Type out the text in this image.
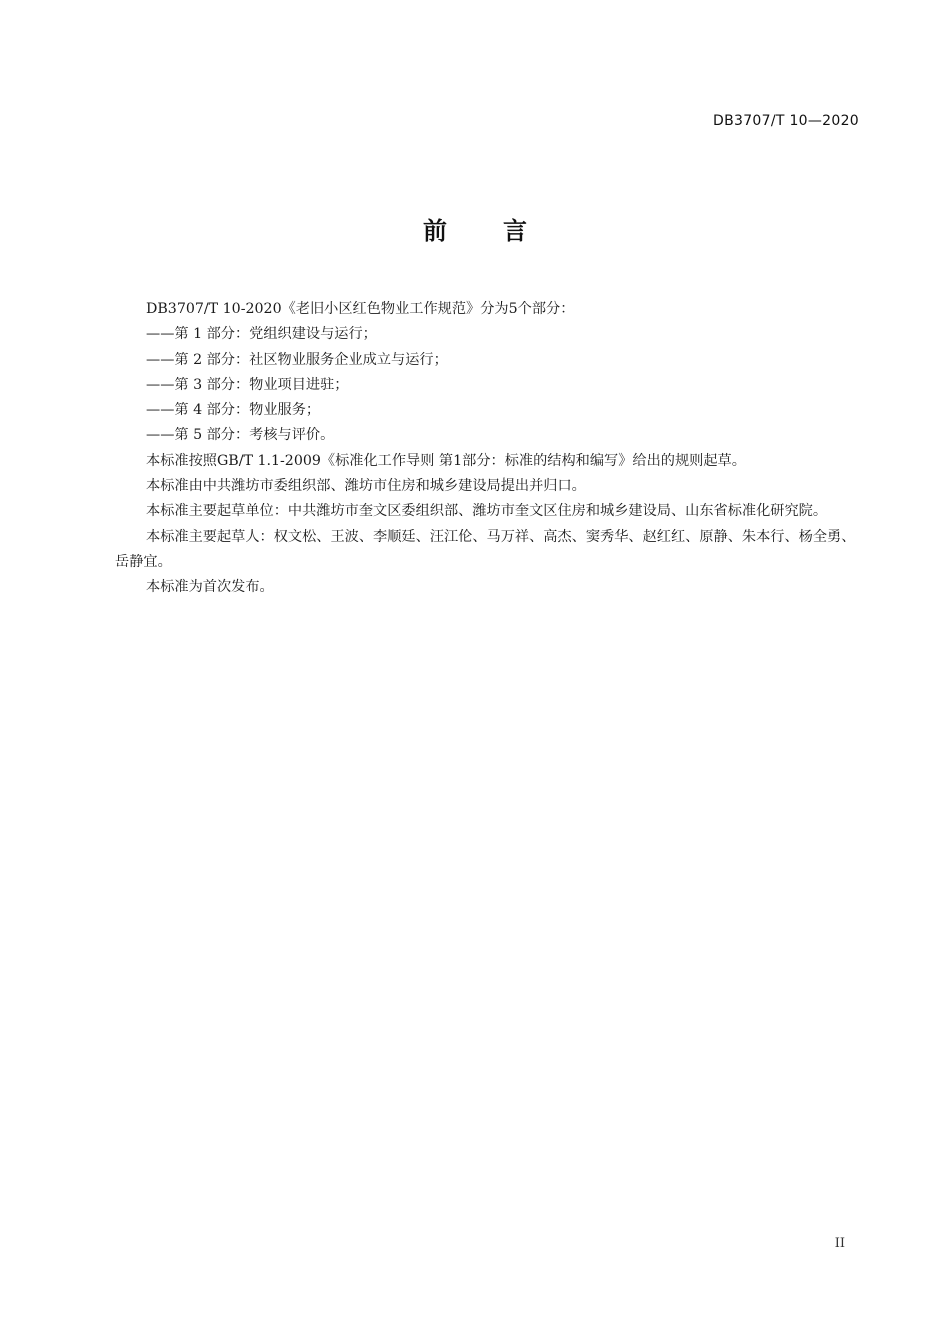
DB3707/T 10—2020
前 言

DB3707/T 10-2020《老旧小区红色物业工作规范》分为5个部分：

——第 1 部分：党组织建设与运行；

——第 2 部分：社区物业服务企业成立与运行；

——第 3 部分：物业项目进驻；

——第 4 部分：物业服务；

——第 5 部分：考核与评价。

本标准按照GB/T 1.1-2009《标准化工作导则 第1部分：标准的结构和编写》给出的规则起草。

本标准由中共潍坊市委组织部、潍坊市住房和城乡建设局提出并归口。

本标准主要起草单位：中共潍坊市奎文区委组织部、潍坊市奎文区住房和城乡建设局、山东省标准化研究院。

本标准主要起草人：权文松、王波、李顺廷、汪江伦、马万祥、高杰、窦秀华、赵红红、原静、朱本行、杨全勇、岳静宜。

本标准为首次发布。

II
